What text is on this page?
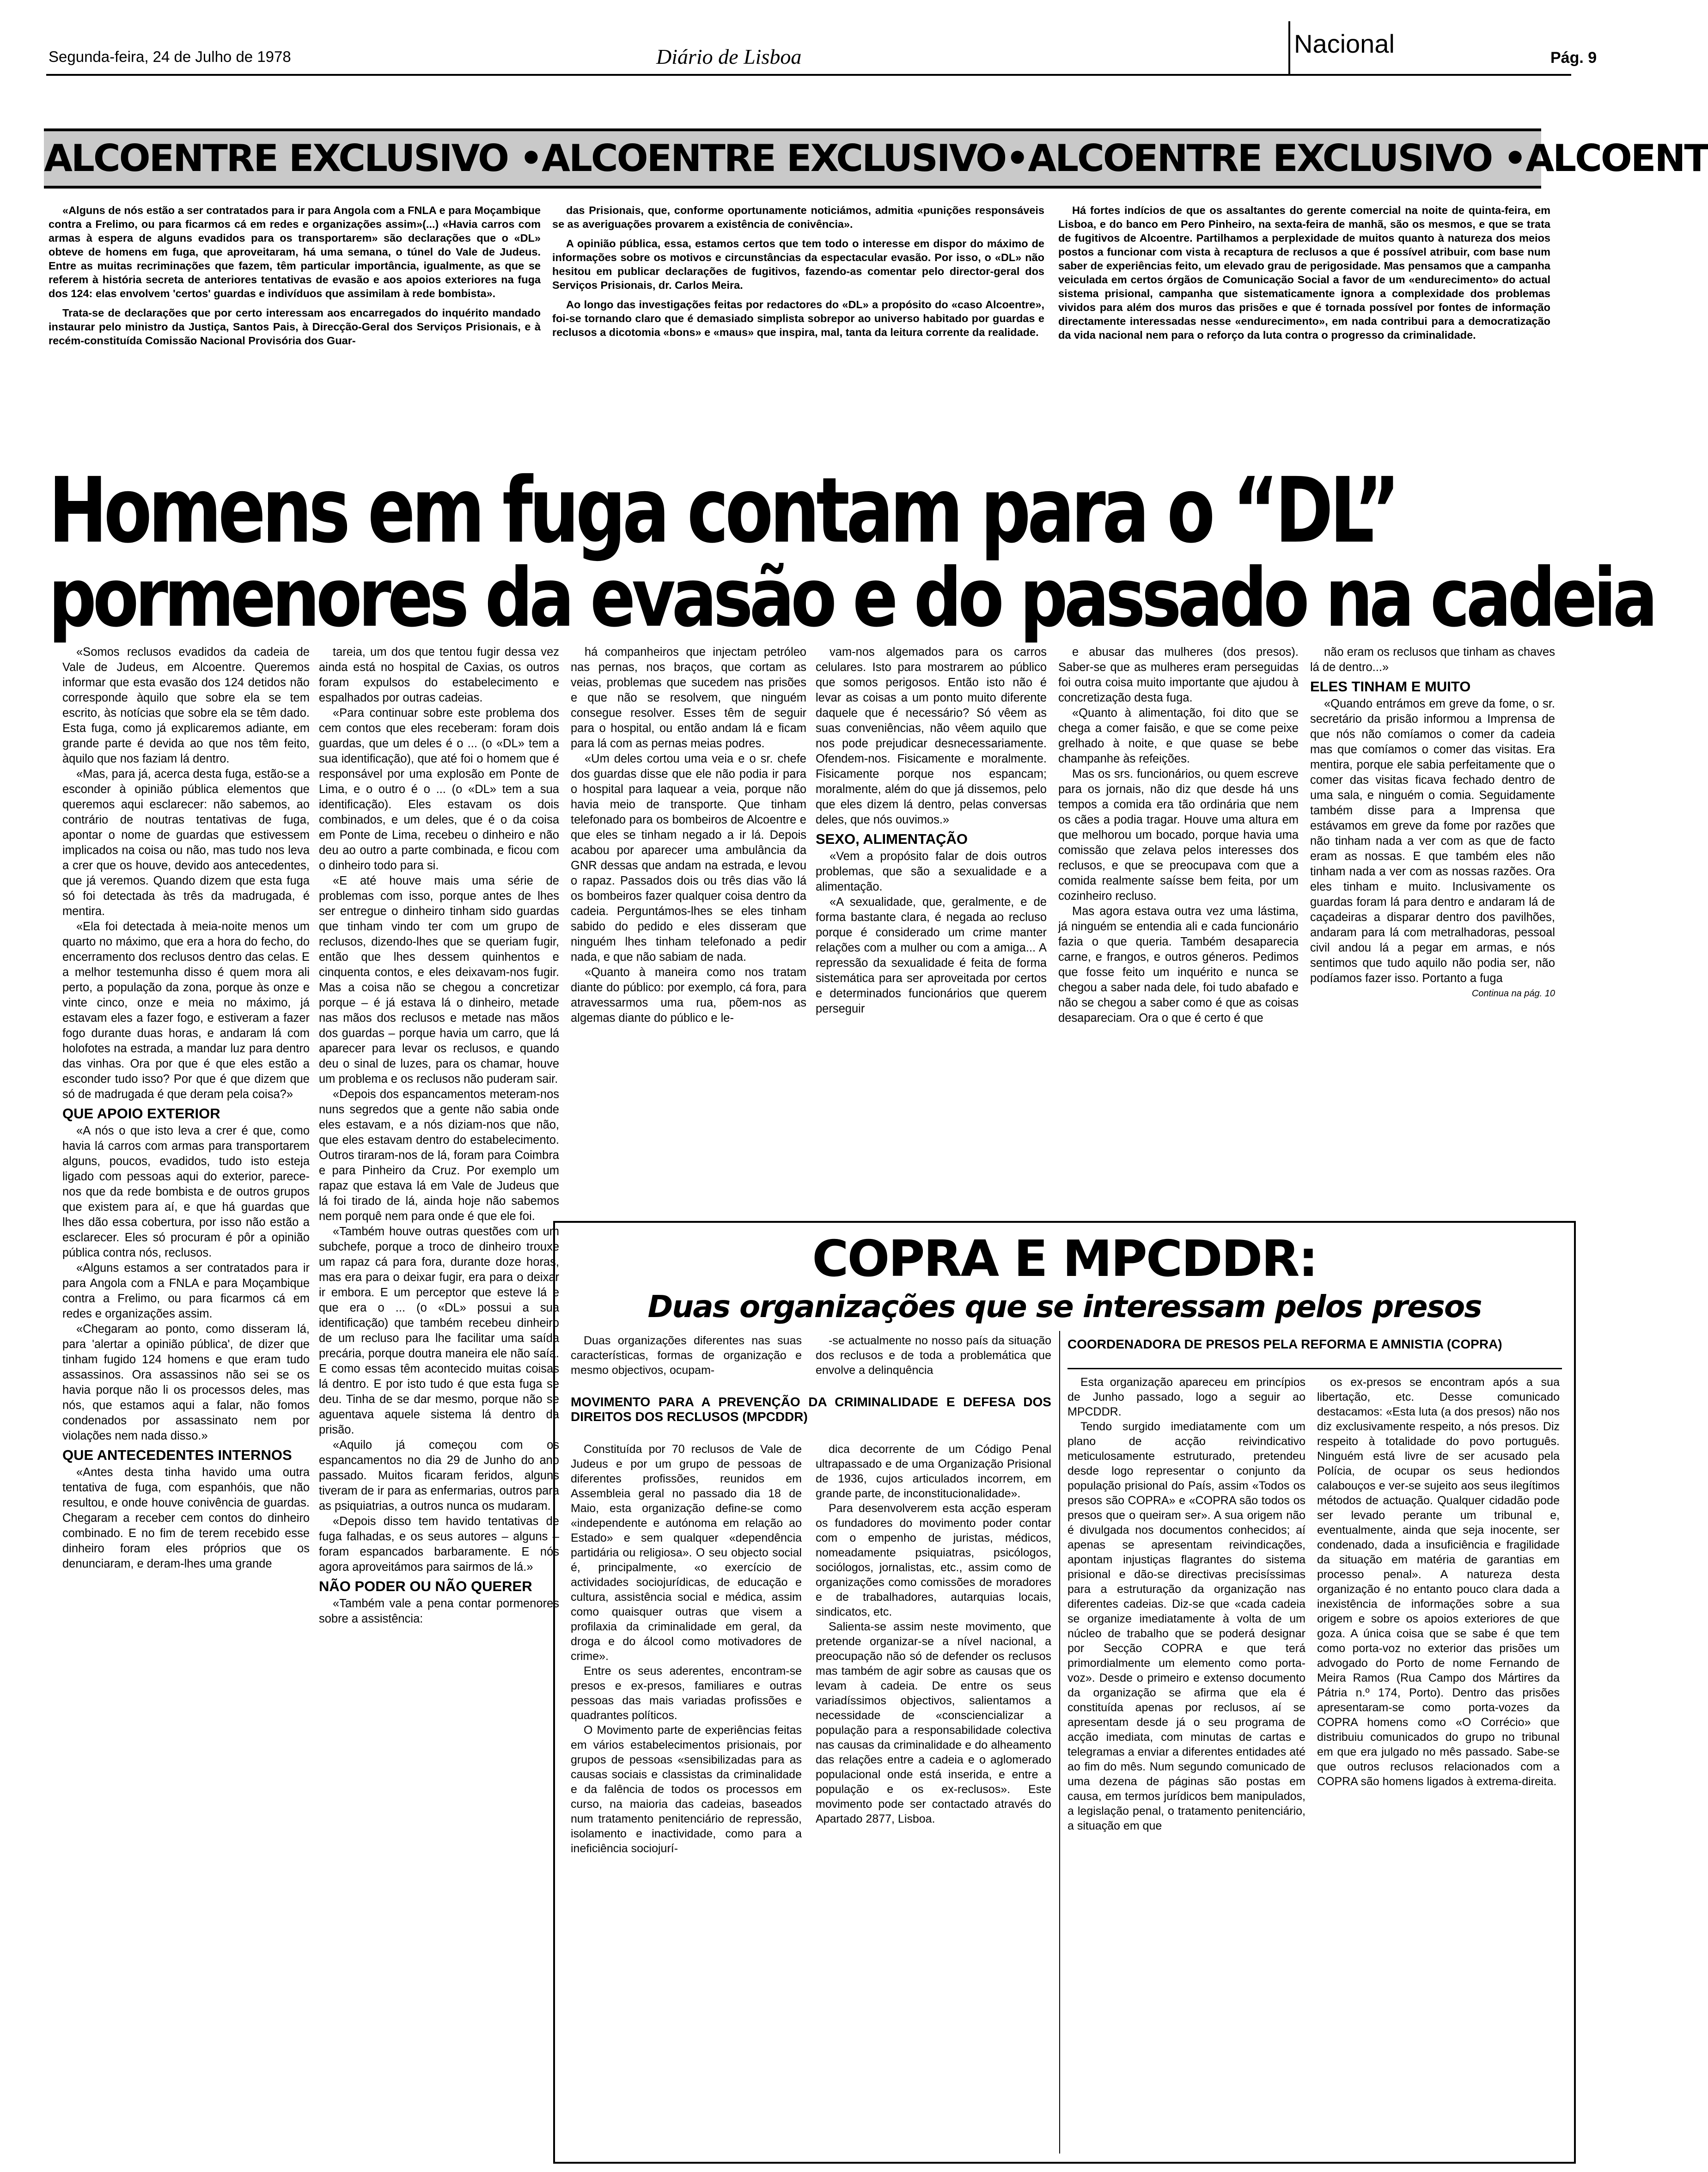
Segunda-feira, 24 de Julho de 1978	Diário de Lisboa	Nacional	Pág. 9
ALCOENTRE EXCLUSIVO •ALCOENTRE EXCLUSIVO•ALCOENTRE EXCLUSIVO •ALCOENT

«Alguns de nós estão a ser contratados para ir para Angola com a FNLA e para Moçambique contra a Frelimo, ou para ficarmos cá em redes e organizações assim»(...) «Havia carros com armas à espera de alguns evadidos para os transportarem» são declarações que o «DL» obteve de homens em fuga, que aproveitaram, há uma semana, o túnel do Vale de Judeus. Entre as muitas recriminações que fazem, têm particular importância, igualmente, as que se referem à história secreta de anteriores tentativas de evasão e aos apoios exteriores na fuga dos 124: elas envolvem 'certos' guardas e indivíduos que assimilam à rede bombista».

Trata-se de declarações que por certo interessam aos encarregados do inquérito mandado instaurar pelo ministro da Justiça, Santos Pais, à Direcção-Geral dos Serviços Prisionais, e à recém-constituída Comissão Nacional Provisória dos Guar-

das Prisionais, que, conforme oportunamente noticiámos, admitia «punições responsáveis se as averiguações provarem a existência de conivência».

A opinião pública, essa, estamos certos que tem todo o interesse em dispor do máximo de informações sobre os motivos e circunstâncias da espectacular evasão. Por isso, o «DL» não hesitou em publicar declarações de fugitivos, fazendo-as comentar pelo director-geral dos Serviços Prisionais, dr. Carlos Meira.

Ao longo das investigações feitas por redactores do «DL» a propósito do «caso Alcoentre», foi-se tornando claro que é demasiado simplista sobrepor ao universo habitado por guardas e reclusos a dicotomia «bons» e «maus» que inspira, mal, tanta da leitura corrente da realidade.

Há fortes indícios de que os assaltantes do gerente comercial na noite de quinta-feira, em Lisboa, e do banco em Pero Pinheiro, na sexta-feira de manhã, são os mesmos, e que se trata de fugitivos de Alcoentre. Partilhamos a perplexidade de muitos quanto à natureza dos meios postos a funcionar com vista à recaptura de reclusos a que é possível atribuir, com base num saber de experiências feito, um elevado grau de perigosidade. Mas pensamos que a campanha veiculada em certos órgãos de Comunicação Social a favor de um «endurecimento» do actual sistema prisional, campanha que sistematicamente ignora a complexidade dos problemas vividos para além dos muros das prisões e que é tornada possível por fontes de informação directamente interessadas nesse «endurecimento», em nada contribui para a democratização da vida nacional nem para o reforço da luta contra o progresso da criminalidade.

Homens em fuga contam para o “DL”
pormenores da evasão e do passado na cadeia

«Somos reclusos evadidos da cadeia de Vale de Judeus, em Alcoentre. Queremos informar que esta evasão dos 124 detidos não corresponde àquilo que sobre ela se tem escrito, às notícias que sobre ela se têm dado. Esta fuga, como já explicaremos adiante, em grande parte é devida ao que nos têm feito, àquilo que nos faziam lá dentro.

«Mas, para já, acerca desta fuga, estão-se a esconder à opinião pública elementos que queremos aqui esclarecer: não sabemos, ao contrário de noutras tentativas de fuga, apontar o nome de guardas que estivessem implicados na coisa ou não, mas tudo nos leva a crer que os houve, devido aos antecedentes, que já veremos. Quando dizem que esta fuga só foi detectada às três da madrugada, é mentira.

«Ela foi detectada à meia-noite menos um quarto no máximo, que era a hora do fecho, do encerramento dos reclusos dentro das celas. E a melhor testemunha disso é quem mora ali perto, a população da zona, porque às onze e vinte cinco, onze e meia no máximo, já estavam eles a fazer fogo, e estiveram a fazer fogo durante duas horas, e andaram lá com holofotes na estrada, a mandar luz para dentro das vinhas. Ora por que é que eles estão a esconder tudo isso? Por que é que dizem que só de madrugada é que deram pela coisa?»

QUE APOIO EXTERIOR

«A nós o que isto leva a crer é que, como havia lá carros com armas para transportarem alguns, poucos, evadidos, tudo isto esteja ligado com pessoas aqui do exterior, parece-nos que da rede bombista e de outros grupos que existem para aí, e que há guardas que lhes dão essa cobertura, por isso não estão a esclarecer. Eles só procuram é pôr a opinião pública contra nós, reclusos.

«Alguns estamos a ser contratados para ir para Angola com a FNLA e para Moçambique contra a Frelimo, ou para ficarmos cá em redes e organizações assim.

«Chegaram ao ponto, como disseram lá, para 'alertar a opinião pública', de dizer que tinham fugido 124 homens e que eram tudo assassinos. Ora assassinos não sei se os havia porque não li os processos deles, mas nós, que estamos aqui a falar, não fomos condenados por assassinato nem por violações nem nada disso.»

QUE ANTECEDENTES INTERNOS

«Antes desta tinha havido uma outra tentativa de fuga, com espanhóis, que não resultou, e onde houve conivência de guardas. Chegaram a receber cem contos do dinheiro combinado. E no fim de terem recebido esse dinheiro foram eles próprios que os denunciaram, e deram-lhes uma grande

tareia, um dos que tentou fugir dessa vez ainda está no hospital de Caxias, os outros foram expulsos do estabelecimento e espalhados por outras cadeias.

«Para continuar sobre este problema dos cem contos que eles receberam: foram dois guardas, que um deles é o ... (o «DL» tem a sua identificação), que até foi o homem que é responsável por uma explosão em Ponte de Lima, e o outro é o ... (o «DL» tem a sua identificação). Eles estavam os dois combinados, e um deles, que é o da coisa em Ponte de Lima, recebeu o dinheiro e não deu ao outro a parte combinada, e ficou com o dinheiro todo para si.

«E até houve mais uma série de problemas com isso, porque antes de lhes ser entregue o dinheiro tinham sido guardas que tinham vindo ter com um grupo de reclusos, dizendo-lhes que se queriam fugir, então que lhes dessem quinhentos e cinquenta contos, e eles deixavam-nos fugir. Mas a coisa não se chegou a concretizar porque – é já estava lá o dinheiro, metade nas mãos dos reclusos e metade nas mãos dos guardas – porque havia um carro, que lá aparecer para levar os reclusos, e quando deu o sinal de luzes, para os chamar, houve um problema e os reclusos não puderam sair.

«Depois dos espancamentos meteram-nos nuns segredos que a gente não sabia onde eles estavam, e a nós diziam-nos que não, que eles estavam dentro do estabelecimento. Outros tiraram-nos de lá, foram para Coimbra e para Pinheiro da Cruz. Por exemplo um rapaz que estava lá em Vale de Judeus que lá foi tirado de lá, ainda hoje não sabemos nem porquê nem para onde é que ele foi.

«Também houve outras questões com um subchefe, porque a troco de dinheiro trouxe um rapaz cá para fora, durante doze horas, mas era para o deixar fugir, era para o deixar ir embora. E um perceptor que esteve lá e que era o ... (o «DL» possui a sua identificação) que também recebeu dinheiro de um recluso para lhe facilitar uma saída precária, porque doutra maneira ele não saía. E como essas têm acontecido muitas coisas lá dentro. E por isto tudo é que esta fuga se deu. Tinha de se dar mesmo, porque não se aguentava aquele sistema lá dentro da prisão.

«Aquilo já começou com os espancamentos no dia 29 de Junho do ano passado. Muitos ficaram feridos, alguns tiveram de ir para as enfermarias, outros para as psiquiatrias, a outros nunca os mudaram.

«Depois disso tem havido tentativas de fuga falhadas, e os seus autores – alguns – foram espancados barbaramente. E nós agora aproveitámos para sairmos de lá.»

NÃO PODER OU NÃO QUERER

«Também vale a pena contar pormenores sobre a assistência:

há companheiros que injectam petróleo nas pernas, nos braços, que cortam as veias, problemas que sucedem nas prisões e que não se resolvem, que ninguém consegue resolver. Esses têm de seguir para o hospital, ou então andam lá e ficam para lá com as pernas meias podres.

«Um deles cortou uma veia e o sr. chefe dos guardas disse que ele não podia ir para o hospital para laquear a veia, porque não havia meio de transporte. Que tinham telefonado para os bombeiros de Alcoentre e que eles se tinham negado a ir lá. Depois acabou por aparecer uma ambulância da GNR dessas que andam na estrada, e levou o rapaz. Passados dois ou três dias vão lá os bombeiros fazer qualquer coisa dentro da cadeia. Perguntámos-lhes se eles tinham sabido do pedido e eles disseram que ninguém lhes tinham telefonado a pedir nada, e que não sabiam de nada.

«Quanto à maneira como nos tratam diante do público: por exemplo, cá fora, para atravessarmos uma rua, põem-nos as algemas diante do público e le-

vam-nos algemados para os carros celulares. Isto para mostrarem ao público que somos perigosos. Então isto não é levar as coisas a um ponto muito diferente daquele que é necessário? Só vêem as suas conveniências, não vêem aquilo que nos pode prejudicar desnecessariamente. Ofendem-nos. Fisicamente e moralmente. Fisicamente porque nos espancam; moralmente, além do que já dissemos, pelo que eles dizem lá dentro, pelas conversas deles, que nós ouvimos.»

SEXO, ALIMENTAÇÃO

«Vem a propósito falar de dois outros problemas, que são a sexualidade e a alimentação.

«A sexualidade, que, geralmente, e de forma bastante clara, é negada ao recluso porque é considerado um crime manter relações com a mulher ou com a amiga... A repressão da sexualidade é feita de forma sistemática para ser aproveitada por certos e determinados funcionários que querem perseguir

e abusar das mulheres (dos presos). Saber-se que as mulheres eram perseguidas foi outra coisa muito importante que ajudou à concretização desta fuga.

«Quanto à alimentação, foi dito que se chega a comer faisão, e que se come peixe grelhado à noite, e que quase se bebe champanhe às refeições.

Mas os srs. funcionários, ou quem escreve para os jornais, não diz que desde há uns tempos a comida era tão ordinária que nem os cães a podia tragar. Houve uma altura em que melhorou um bocado, porque havia uma comissão que zelava pelos interesses dos reclusos, e que se preocupava com que a comida realmente saísse bem feita, por um cozinheiro recluso.

Mas agora estava outra vez uma lástima, já ninguém se entendia ali e cada funcionário fazia o que queria. Também desaparecia carne, e frangos, e outros géneros. Pedimos que fosse feito um inquérito e nunca se chegou a saber nada dele, foi tudo abafado e não se chegou a saber como é que as coisas desapareciam. Ora o que é certo é que

não eram os reclusos que tinham as chaves lá de dentro...»

ELES TINHAM E MUITO

«Quando entrámos em greve da fome, o sr. secretário da prisão informou a Imprensa de que nós não comíamos o comer da cadeia mas que comíamos o comer das visitas. Era mentira, porque ele sabia perfeitamente que o comer das visitas ficava fechado dentro de uma sala, e ninguém o comia. Seguidamente também disse para a Imprensa que estávamos em greve da fome por razões que não tinham nada a ver com as que de facto eram as nossas. E que também eles não tinham nada a ver com as nossas razões. Ora eles tinham e muito. Inclusivamente os guardas foram lá para dentro e andaram lá de caçadeiras a disparar dentro dos pavilhões, andaram para lá com metralhadoras, pessoal civil andou lá a pegar em armas, e nós sentimos que tudo aquilo não podia ser, não podíamos fazer isso. Portanto a fuga

Continua na pág. 10
COPRA E MPCDDR:
Duas organizações que se interessam pelos presos

Duas organizações diferentes nas suas características, formas de organização e mesmo objectivos, ocupam-

-se actualmente no nosso país da situação dos reclusos e de toda a problemática que envolve a delinquência

MOVIMENTO PARA A PREVENÇÃO DA CRIMINALIDADE E DEFESA DOS DIREITOS DOS RECLUSOS (MPCDDR)

Constituída por 70 reclusos de Vale de Judeus e por um grupo de pessoas de diferentes profissões, reunidos em Assembleia geral no passado dia 18 de Maio, esta organização define-se como «independente e autónoma em relação ao Estado» e sem qualquer «dependência partidária ou religiosa». O seu objecto social é, principalmente, «o exercício de actividades sociojurídicas, de educação e cultura, assistência social e médica, assim como quaisquer outras que visem a profilaxia da criminalidade em geral, da droga e do álcool como motivadores de crime».

Entre os seus aderentes, encontram-se presos e ex-presos, familiares e outras pessoas das mais variadas profissões e quadrantes políticos.

O Movimento parte de experiências feitas em vários estabelecimentos prisionais, por grupos de pessoas «sensibilizadas para as causas sociais e classistas da criminalidade e da falência de todos os processos em curso, na maioria das cadeias, baseados num tratamento penitenciário de repressão, isolamento e inactividade, como para a ineficiência sociojurí-

dica decorrente de um Código Penal ultrapassado e de uma Organização Prisional de 1936, cujos articulados incorrem, em grande parte, de inconstitucionalidade».

Para desenvolverem esta acção esperam os fundadores do movimento poder contar com o empenho de juristas, médicos, nomeadamente psiquiatras, psicólogos, sociólogos, jornalistas, etc., assim como de organizações como comissões de moradores e de trabalhadores, autarquias locais, sindicatos, etc.

Salienta-se assim neste movimento, que pretende organizar-se a nível nacional, a preocupação não só de defender os reclusos mas também de agir sobre as causas que os levam à cadeia. De entre os seus variadíssimos objectivos, salientamos a necessidade de «consciencializar a população para a responsabilidade colectiva nas causas da criminalidade e do alheamento das relações entre a cadeia e o aglomerado populacional onde está inserida, e entre a população e os ex-reclusos». Este movimento pode ser contactado através do Apartado 2877, Lisboa.

COORDENADORA DE PRESOS PELA REFORMA E AMNISTIA (COPRA)

Esta organização apareceu em princípios de Junho passado, logo a seguir ao MPCDDR.

Tendo surgido imediatamente com um plano de acção reivindicativo meticulosamente estruturado, pretendeu desde logo representar o conjunto da população prisional do País, assim «Todos os presos são COPRA» e «COPRA são todos os presos que o queiram ser». A sua origem não é divulgada nos documentos conhecidos; aí apenas se apresentam reivindicações, apontam injustiças flagrantes do sistema prisional e dão-se directivas precisíssimas para a estruturação da organização nas diferentes cadeias. Diz-se que «cada cadeia se organize imediatamente à volta de um núcleo de trabalho que se poderá designar por Secção COPRA e que terá primordialmente um elemento como porta-voz». Desde o primeiro e extenso documento da organização se afirma que ela é constituída apenas por reclusos, aí se apresentam desde já o seu programa de acção imediata, com minutas de cartas e telegramas a enviar a diferentes entidades até ao fim do mês. Num segundo comunicado de uma dezena de páginas são postas em causa, em termos jurídicos bem manipulados, a legislação penal, o tratamento penitenciário, a situação em que

os ex-presos se encontram após a sua libertação, etc. Desse comunicado destacamos: «Esta luta (a dos presos) não nos diz exclusivamente respeito, a nós presos. Diz respeito à totalidade do povo português. Ninguém está livre de ser acusado pela Polícia, de ocupar os seus hediondos calabouços e ver-se sujeito aos seus ilegítimos métodos de actuação. Qualquer cidadão pode ser levado perante um tribunal e, eventualmente, ainda que seja inocente, ser condenado, dada a insuficiência e fragilidade da situação em matéria de garantias em processo penal». A natureza desta organização é no entanto pouco clara dada a inexistência de informações sobre a sua origem e sobre os apoios exteriores de que goza. A única coisa que se sabe é que tem como porta-voz no exterior das prisões um advogado do Porto de nome Fernando de Meira Ramos (Rua Campo dos Mártires da Pátria n.º 174, Porto). Dentro das prisões apresentaram-se como porta-vozes da COPRA homens como «O Corrécio» que distribuiu comunicados do grupo no tribunal em que era julgado no mês passado. Sabe-se que outros reclusos relacionados com a COPRA são homens ligados à extrema-direita.
